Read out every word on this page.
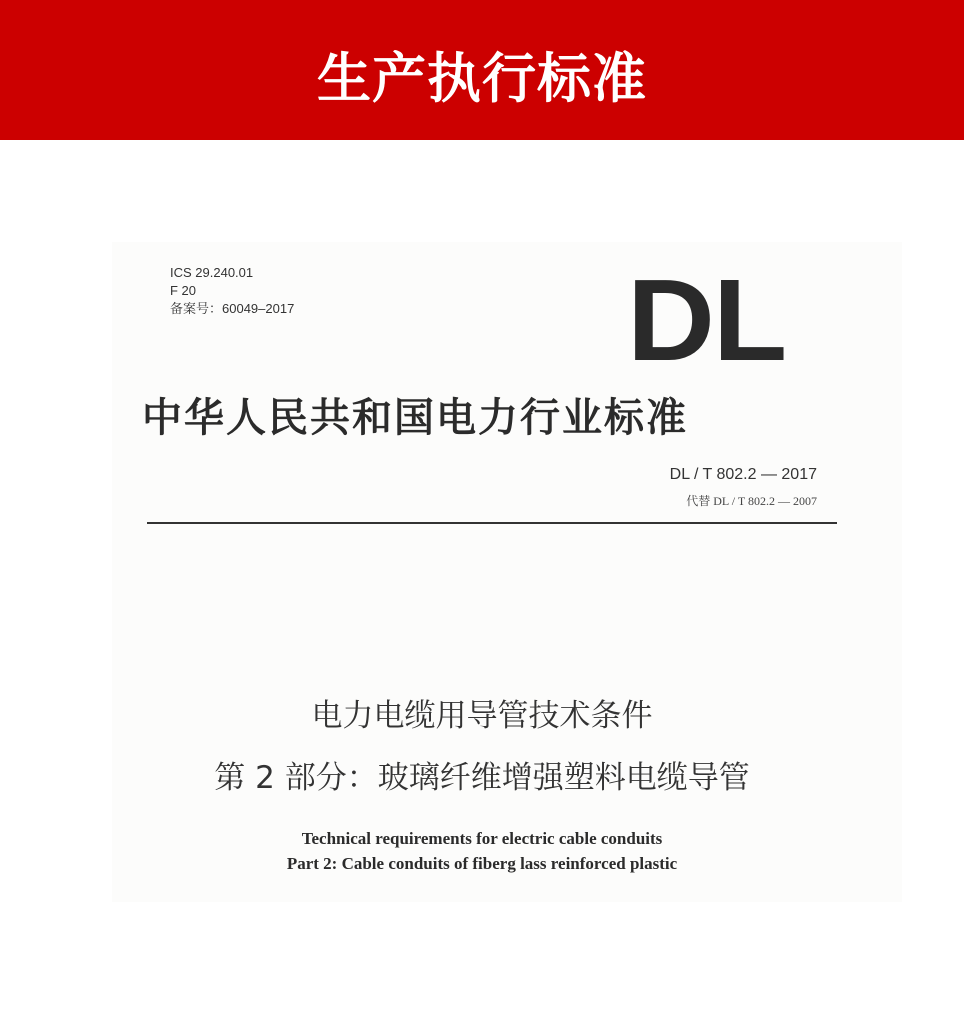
生产执行标准
ICS 29.240.01
F 20
备案号：60049–2017	DL
中华人民共和国电力行业标准
DL / T 802.2 — 2017
代替 DL / T 802.2 — 2007
电力电缆用导管技术条件
第 2 部分：玻璃纤维增强塑料电缆导管
Technical requirements for electric cable conduits
Part 2: Cable conduits of fiberg lass reinforced plastic
